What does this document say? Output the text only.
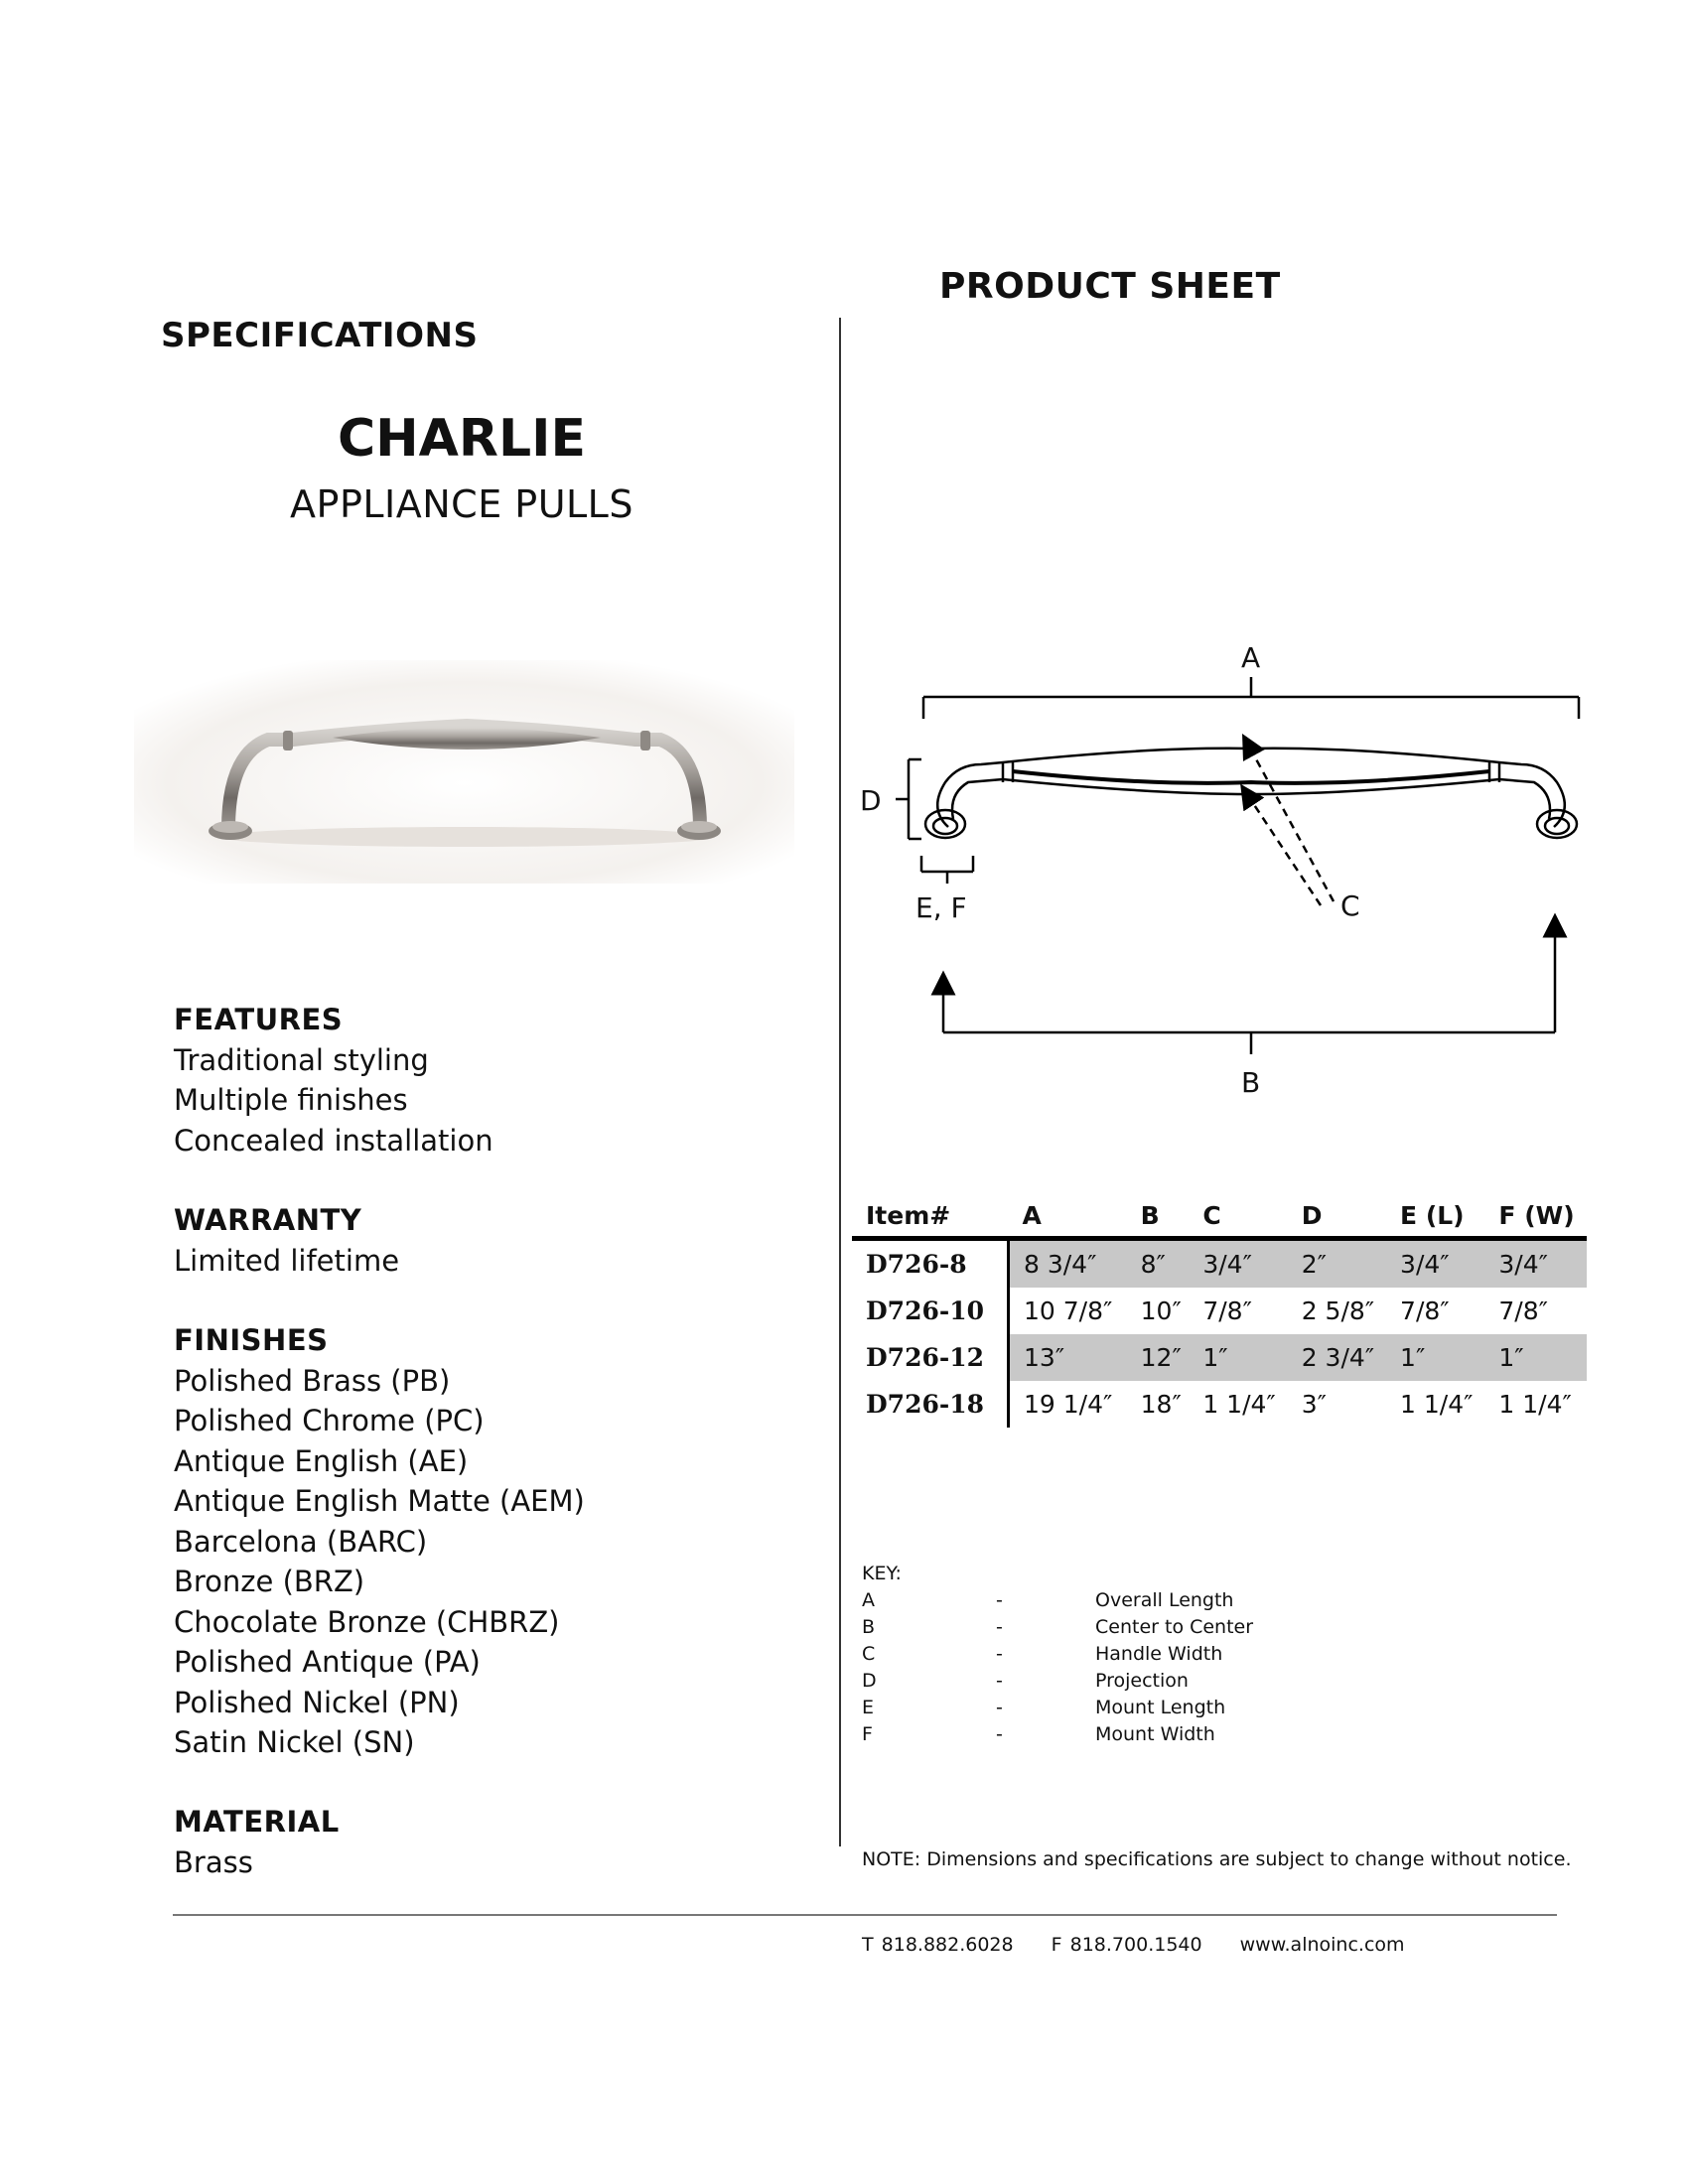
PRODUCT SHEET
SPECIFICATIONS
CHARLIE
APPLIANCE PULLS
FEATURES
Traditional styling
Multiple finishes
Concealed installation
WARRANTY
Limited lifetime
FINISHES
Polished Brass (PB)
Polished Chrome (PC)
Antique English (AE)
Antique English Matte (AEM)
Barcelona (BARC)
Bronze (BRZ)
Chocolate Bronze (CHBRZ)
Polished Antique (PA)
Polished Nickel (PN)
Satin Nickel (SN)
MATERIAL
Brass
A
B
C
D
E, F
Item#	A	B	C	D	E (L)	F (W)
D726-8	8 3/4″	8″	3/4″	2″	3/4″	3/4″
D726-10	10 7/8″	10″	7/8″	2 5/8″	7/8″	7/8″
D726-12	13″	12″	1″	2 3/4″	1″	1″
D726-18	19 1/4″	18″	1 1/4″	3″	1 1/4″	1 1/4″
KEY:
A	-	Overall Length
B	-	Center to Center
C	-	Handle Width
D	-	Projection
E	-	Mount Length
F	-	Mount Width
NOTE: Dimensions and specifications are subject to change without notice.
T 818.882.6028 F 818.700.1540 www.alnoinc.com
